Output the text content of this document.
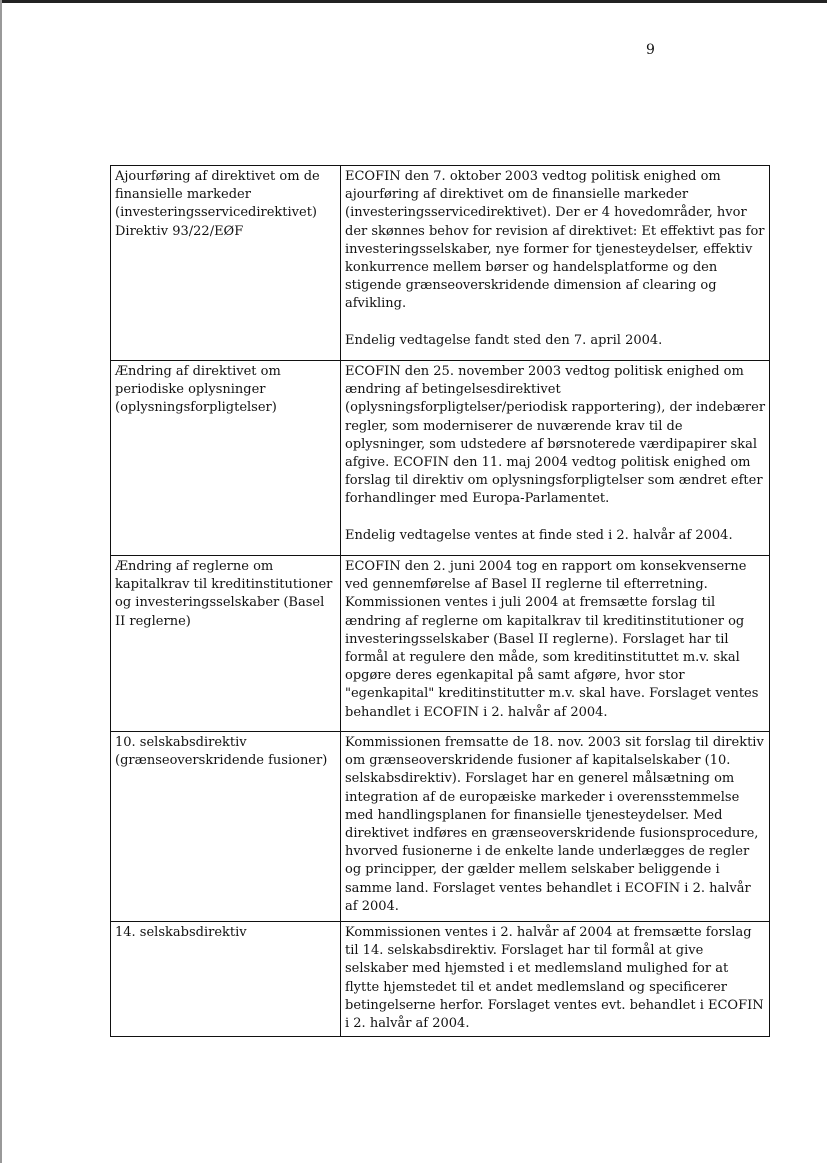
9

Ajourføring af direktivet om de finansielle markeder (investeringsservicedirektivet) Direktiv 93/22/EØF	ECOFIN den 7. oktober 2003 vedtog politisk enighed om ajourføring af direktivet om de finansielle markeder (investeringsservicedirektivet). Der er 4 hovedområder, hvor der skønnes behov for revision af direktivet: Et effektivt pas for investeringsselskaber, nye former for tjenesteydelser, effektiv konkurrence mellem børser og handelsplatforme og den stigende grænseoverskridende dimension af clearing og afvikling.

Endelig vedtagelse fandt sted den 7. april 2004.

Ændring af direktivet om periodiske oplysninger (oplysningsforpligtelser)	ECOFIN den 25. november 2003 vedtog politisk enighed om ændring af betingelsesdirektivet (oplysningsforpligtelser/periodisk rapportering), der indebærer regler, som moderniserer de nuværende krav til de oplysninger, som udstedere af børsnoterede værdipapirer skal afgive. ECOFIN den 11. maj 2004 vedtog politisk enighed om forslag til direktiv om oplysningsforpligtelser som ændret efter forhandlinger med Europa-Parlamentet.

Endelig vedtagelse ventes at finde sted i 2. halvår af 2004.

Ændring af reglerne om kapitalkrav til kreditinstitutioner og investeringsselskaber (Basel II reglerne)	ECOFIN den 2. juni 2004 tog en rapport om konsekvenserne ved gennemførelse af Basel II reglerne til efterretning. Kommissionen ventes i juli 2004 at fremsætte forslag til ændring af reglerne om kapitalkrav til kreditinstitutioner og investeringsselskaber (Basel II reglerne). Forslaget har til formål at regulere den måde, som kreditinstituttet m.v. skal opgøre deres egenkapital på samt afgøre, hvor stor "egenkapital" kreditinstitutter m.v. skal have. Forslaget ventes behandlet i ECOFIN i 2. halvår af 2004.

10. selskabsdirektiv (grænseoverskridende fusioner)	Kommissionen fremsatte de 18. nov. 2003 sit forslag til direktiv om grænseoverskridende fusioner af kapitalselskaber (10. selskabsdirektiv). Forslaget har en generel målsætning om integration af de europæiske markeder i overensstemmelse med handlingsplanen for finansielle tjenesteydelser. Med direktivet indføres en grænseoverskridende fusionsprocedure, hvorved fusionerne i de enkelte lande underlægges de regler og principper, der gælder mellem selskaber beliggende i samme land. Forslaget ventes behandlet i ECOFIN i 2. halvår af 2004.

14. selskabsdirektiv	Kommissionen ventes i 2. halvår af 2004 at fremsætte forslag til 14. selskabsdirektiv. Forslaget har til formål at give selskaber med hjemsted i et medlemsland mulighed for at flytte hjemstedet til et andet medlemsland og specificerer betingelserne herfor. Forslaget ventes evt. behandlet i ECOFIN i 2. halvår af 2004.
